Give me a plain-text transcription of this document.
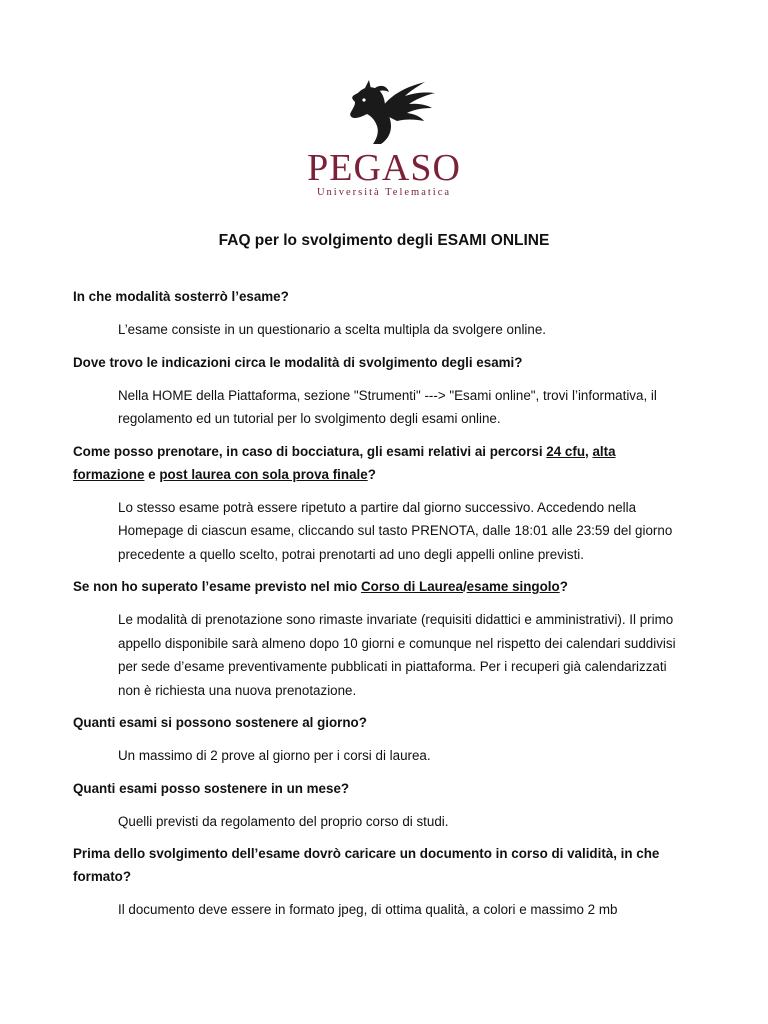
PEGASO
Università Telematica
FAQ per lo svolgimento degli ESAMI ONLINE

In che modalità sosterrò l’esame?

L’esame consiste in un questionario a scelta multipla da svolgere online.

Dove trovo le indicazioni circa le modalità di svolgimento degli esami?

Nella HOME della Piattaforma, sezione "Strumenti" ---> "Esami online", trovi l’informativa, il regolamento ed un tutorial per lo svolgimento degli esami online.

Come posso prenotare, in caso di bocciatura, gli esami relativi ai percorsi 24 cfu, alta formazione e post laurea con sola prova finale?

Lo stesso esame potrà essere ripetuto a partire dal giorno successivo. Accedendo nella Homepage di ciascun esame, cliccando sul tasto PRENOTA, dalle 18:01 alle 23:59 del giorno precedente a quello scelto, potrai prenotarti ad uno degli appelli online previsti.

Se non ho superato l’esame previsto nel mio Corso di Laurea/esame singolo?

Le modalità di prenotazione sono rimaste invariate (requisiti didattici e amministrativi). Il primo appello disponibile sarà almeno dopo 10 giorni e comunque nel rispetto dei calendari suddivisi per sede d’esame preventivamente pubblicati in piattaforma. Per i recuperi già calendarizzati non è richiesta una nuova prenotazione.

Quanti esami si possono sostenere al giorno?

Un massimo di 2 prove al giorno per i corsi di laurea.

Quanti esami posso sostenere in un mese?

Quelli previsti da regolamento del proprio corso di studi.

Prima dello svolgimento dell’esame dovrò caricare un documento in corso di validità, in che formato?

Il documento deve essere in formato jpeg, di ottima qualità, a colori e massimo 2 mb
